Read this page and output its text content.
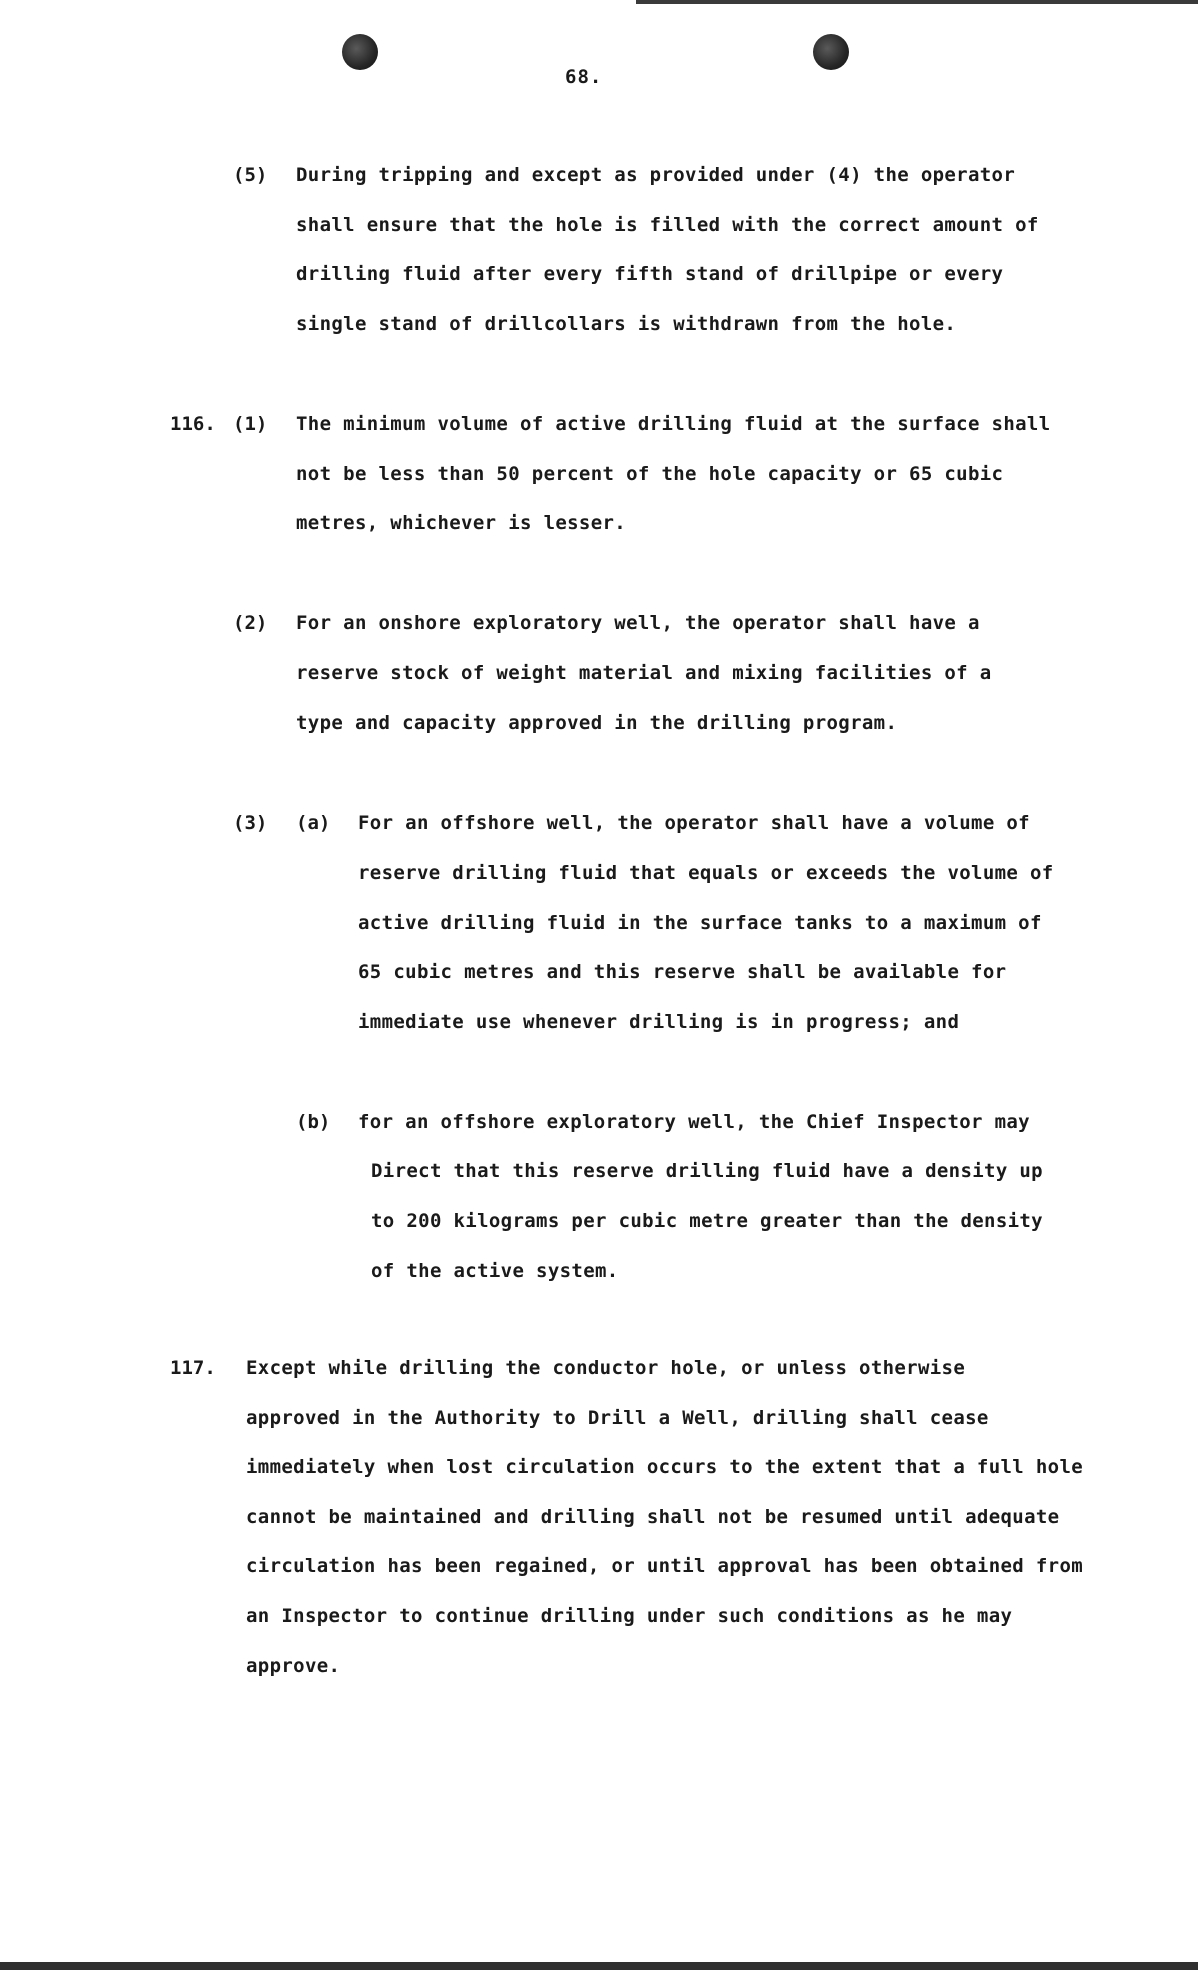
68.
(5) During tripping and except as provided under (4) the operator
shall ensure that the hole is filled with the correct amount of
drilling fluid after every fifth stand of drillpipe or every
single stand of drillcollars is withdrawn from the hole.
116. (1) The minimum volume of active drilling fluid at the surface shall
not be less than 50 percent of the hole capacity or 65 cubic
metres, whichever is lesser.
(2) For an onshore exploratory well, the operator shall have a
reserve stock of weight material and mixing facilities of a
type and capacity approved in the drilling program.
(3) (a) For an offshore well, the operator shall have a volume of
reserve drilling fluid that equals or exceeds the volume of
active drilling fluid in the surface tanks to a maximum of
65 cubic metres and this reserve shall be available for
immediate use whenever drilling is in progress; and
(b) for an offshore exploratory well, the Chief Inspector may
Direct that this reserve drilling fluid have a density up
to 200 kilograms per cubic metre greater than the density
of the active system.
117. Except while drilling the conductor hole, or unless otherwise
approved in the Authority to Drill a Well, drilling shall cease
immediately when lost circulation occurs to the extent that a full hole
cannot be maintained and drilling shall not be resumed until adequate
circulation has been regained, or until approval has been obtained from
an Inspector to continue drilling under such conditions as he may
approve.
